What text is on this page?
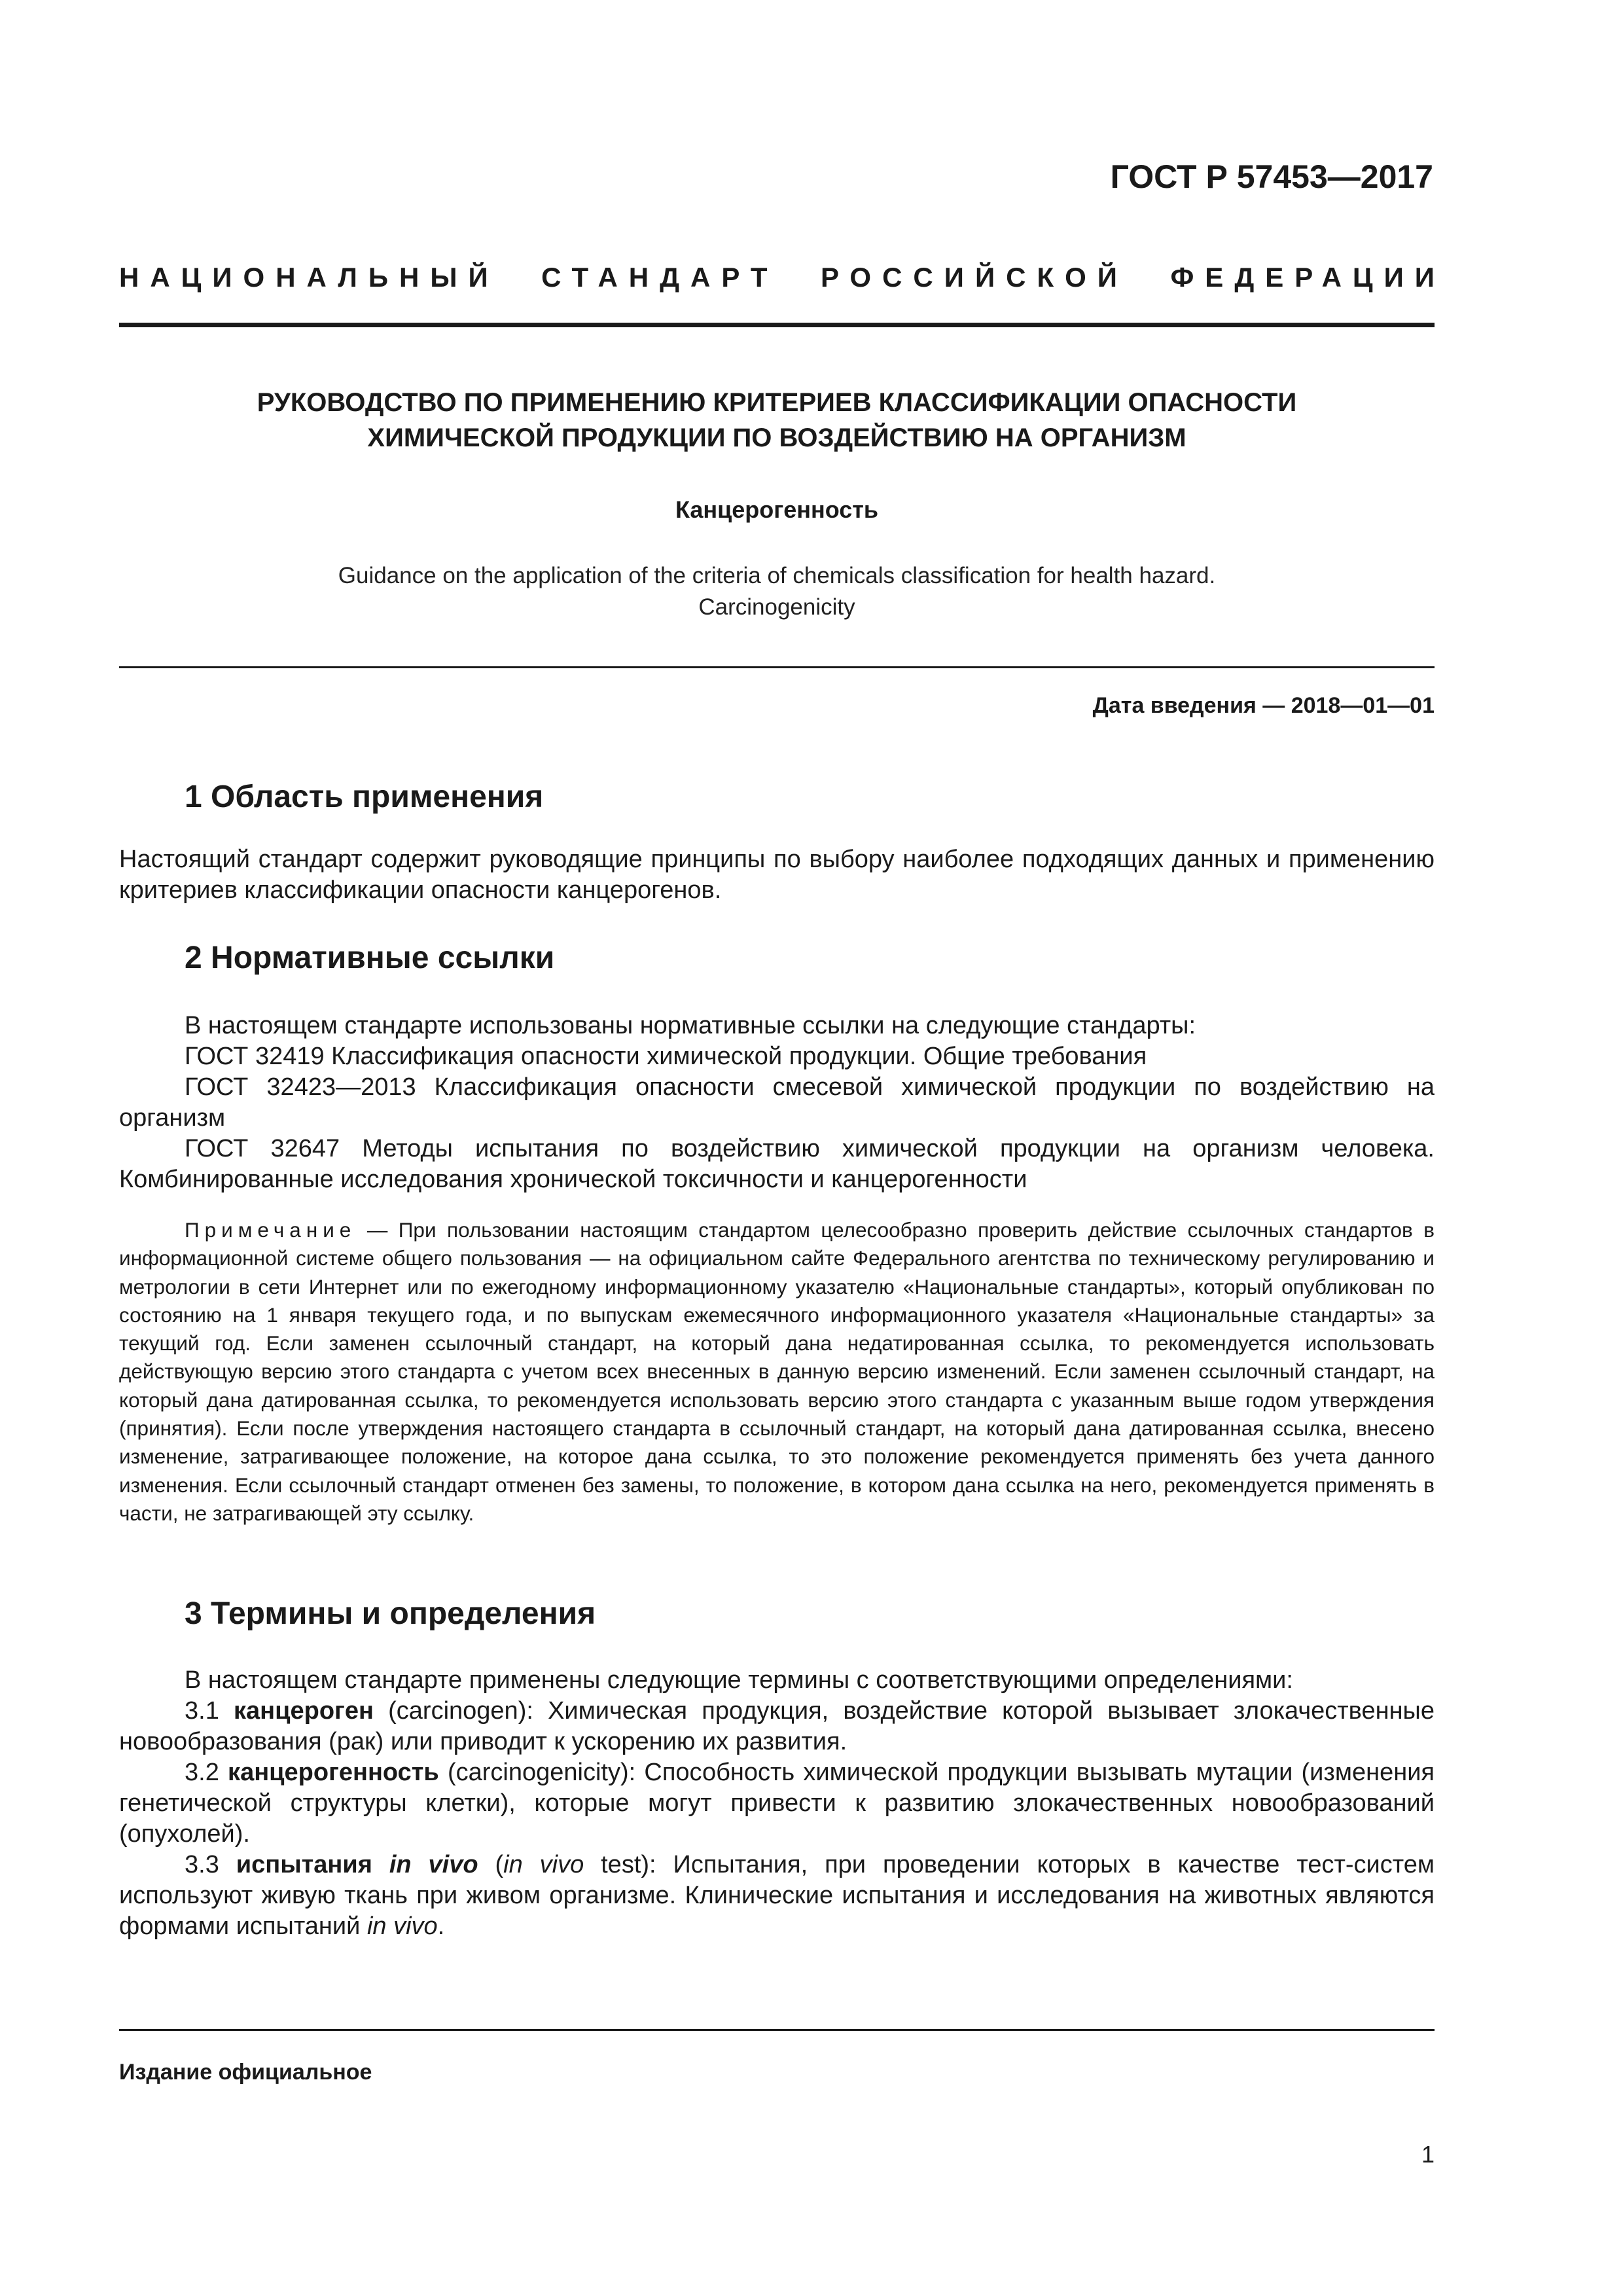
ГОСТ Р 57453—2017
НАЦИОНАЛЬНЫЙ СТАНДАРТ РОССИЙСКОЙ ФЕДЕРАЦИИ
РУКОВОДСТВО ПО ПРИМЕНЕНИЮ КРИТЕРИЕВ КЛАССИФИКАЦИИ ОПАСНОСТИ
ХИМИЧЕСКОЙ ПРОДУКЦИИ ПО ВОЗДЕЙСТВИЮ НА ОРГАНИЗМ
Канцерогенность
Guidance on the application of the criteria of chemicals classification for health hazard.
Carcinogenicity
Дата введения — 2018—01—01
1 Область применения
Настоящий стандарт содержит руководящие принципы по выбору наиболее подходящих данных и применению критериев классификации опасности канцерогенов.
2 Нормативные ссылки
В настоящем стандарте использованы нормативные ссылки на следующие стандарты:
ГОСТ 32419 Классификация опасности химической продукции. Общие требования
ГОСТ 32423—2013 Классификация опасности смесевой химической продукции по воздействию на организм
ГОСТ 32647 Методы испытания по воздействию химической продукции на организм человека. Комбинированные исследования хронической токсичности и канцерогенности
Примечание — При пользовании настоящим стандартом целесообразно проверить действие ссылочных стандартов в информационной системе общего пользования — на официальном сайте Федерального агентства по техническому регулированию и метрологии в сети Интернет или по ежегодному информационному указателю «Национальные стандарты», который опубликован по состоянию на 1 января текущего года, и по выпускам ежемесячного информационного указателя «Национальные стандарты» за текущий год. Если заменен ссылочный стандарт, на который дана недатированная ссылка, то рекомендуется использовать действующую версию этого стандарта с учетом всех внесенных в данную версию изменений. Если заменен ссылочный стандарт, на который дана датированная ссылка, то рекомендуется использовать версию этого стандарта с указанным выше годом утверждения (принятия). Если после утверждения настоящего стандарта в ссылочный стандарт, на который дана датированная ссылка, внесено изменение, затрагивающее положение, на которое дана ссылка, то это положение рекомендуется применять без учета данного изменения. Если ссылочный стандарт отменен без замены, то положение, в котором дана ссылка на него, рекомендуется применять в части, не затрагивающей эту ссылку.
3 Термины и определения
В настоящем стандарте применены следующие термины с соответствующими определениями:
3.1 канцероген (carcinogen): Химическая продукция, воздействие которой вызывает злокачественные новообразования (рак) или приводит к ускорению их развития.
3.2 канцерогенность (carcinogenicity): Способность химической продукции вызывать мутации (изменения генетической структуры клетки), которые могут привести к развитию злокачественных новообразований (опухолей).
3.3 испытания in vivo (in vivo test): Испытания, при проведении которых в качестве тест-систем используют живую ткань при живом организме. Клинические испытания и исследования на животных являются формами испытаний in vivo.
Издание официальное
1
